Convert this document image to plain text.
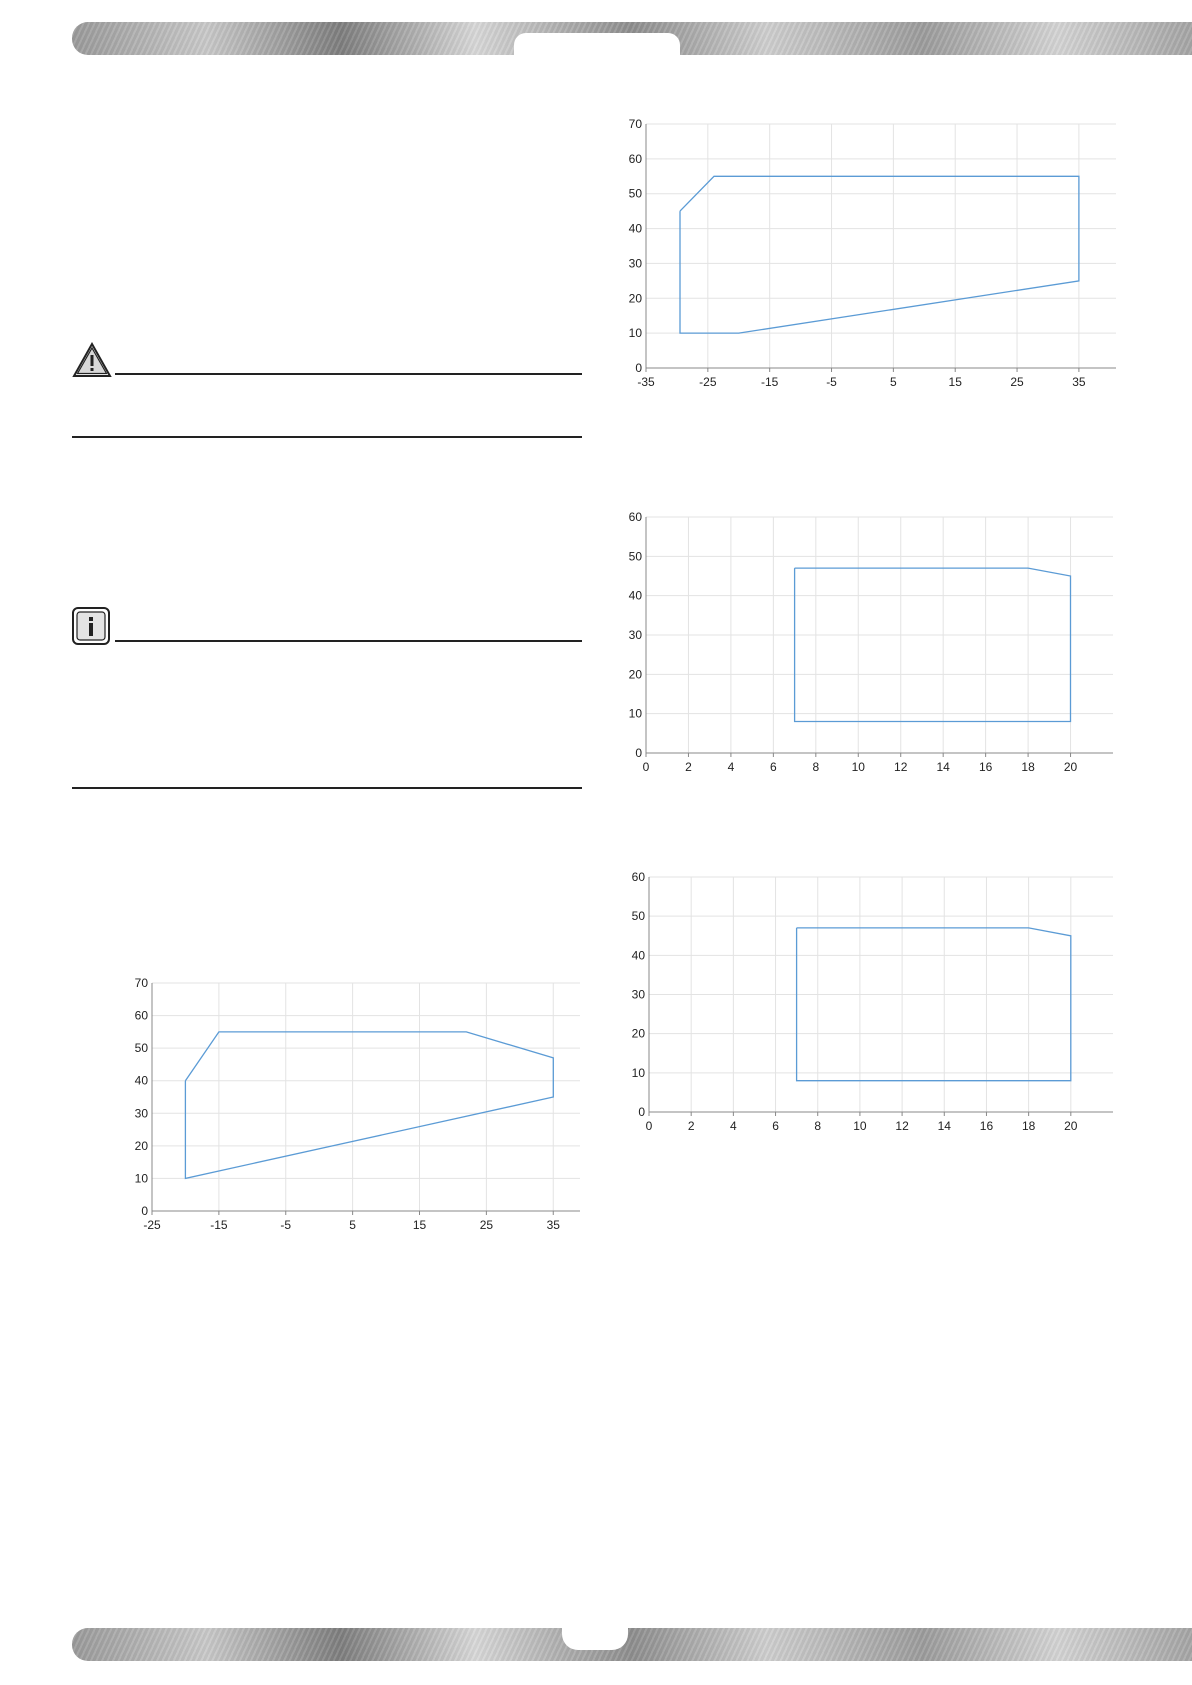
-35	-25	-15	-5	5	15	25	35
0
10
20
30
40
50
60
70
0	2	4	6	8	10 12 14 16 18 20
0
10
20
30
40
50
60
0	2	4	6	8	10 12 14 16 18 20
0
10
20
30
40
50
60
-25	-15	-5	5	15	25	35
0
10
20
30
40
50
60
70
